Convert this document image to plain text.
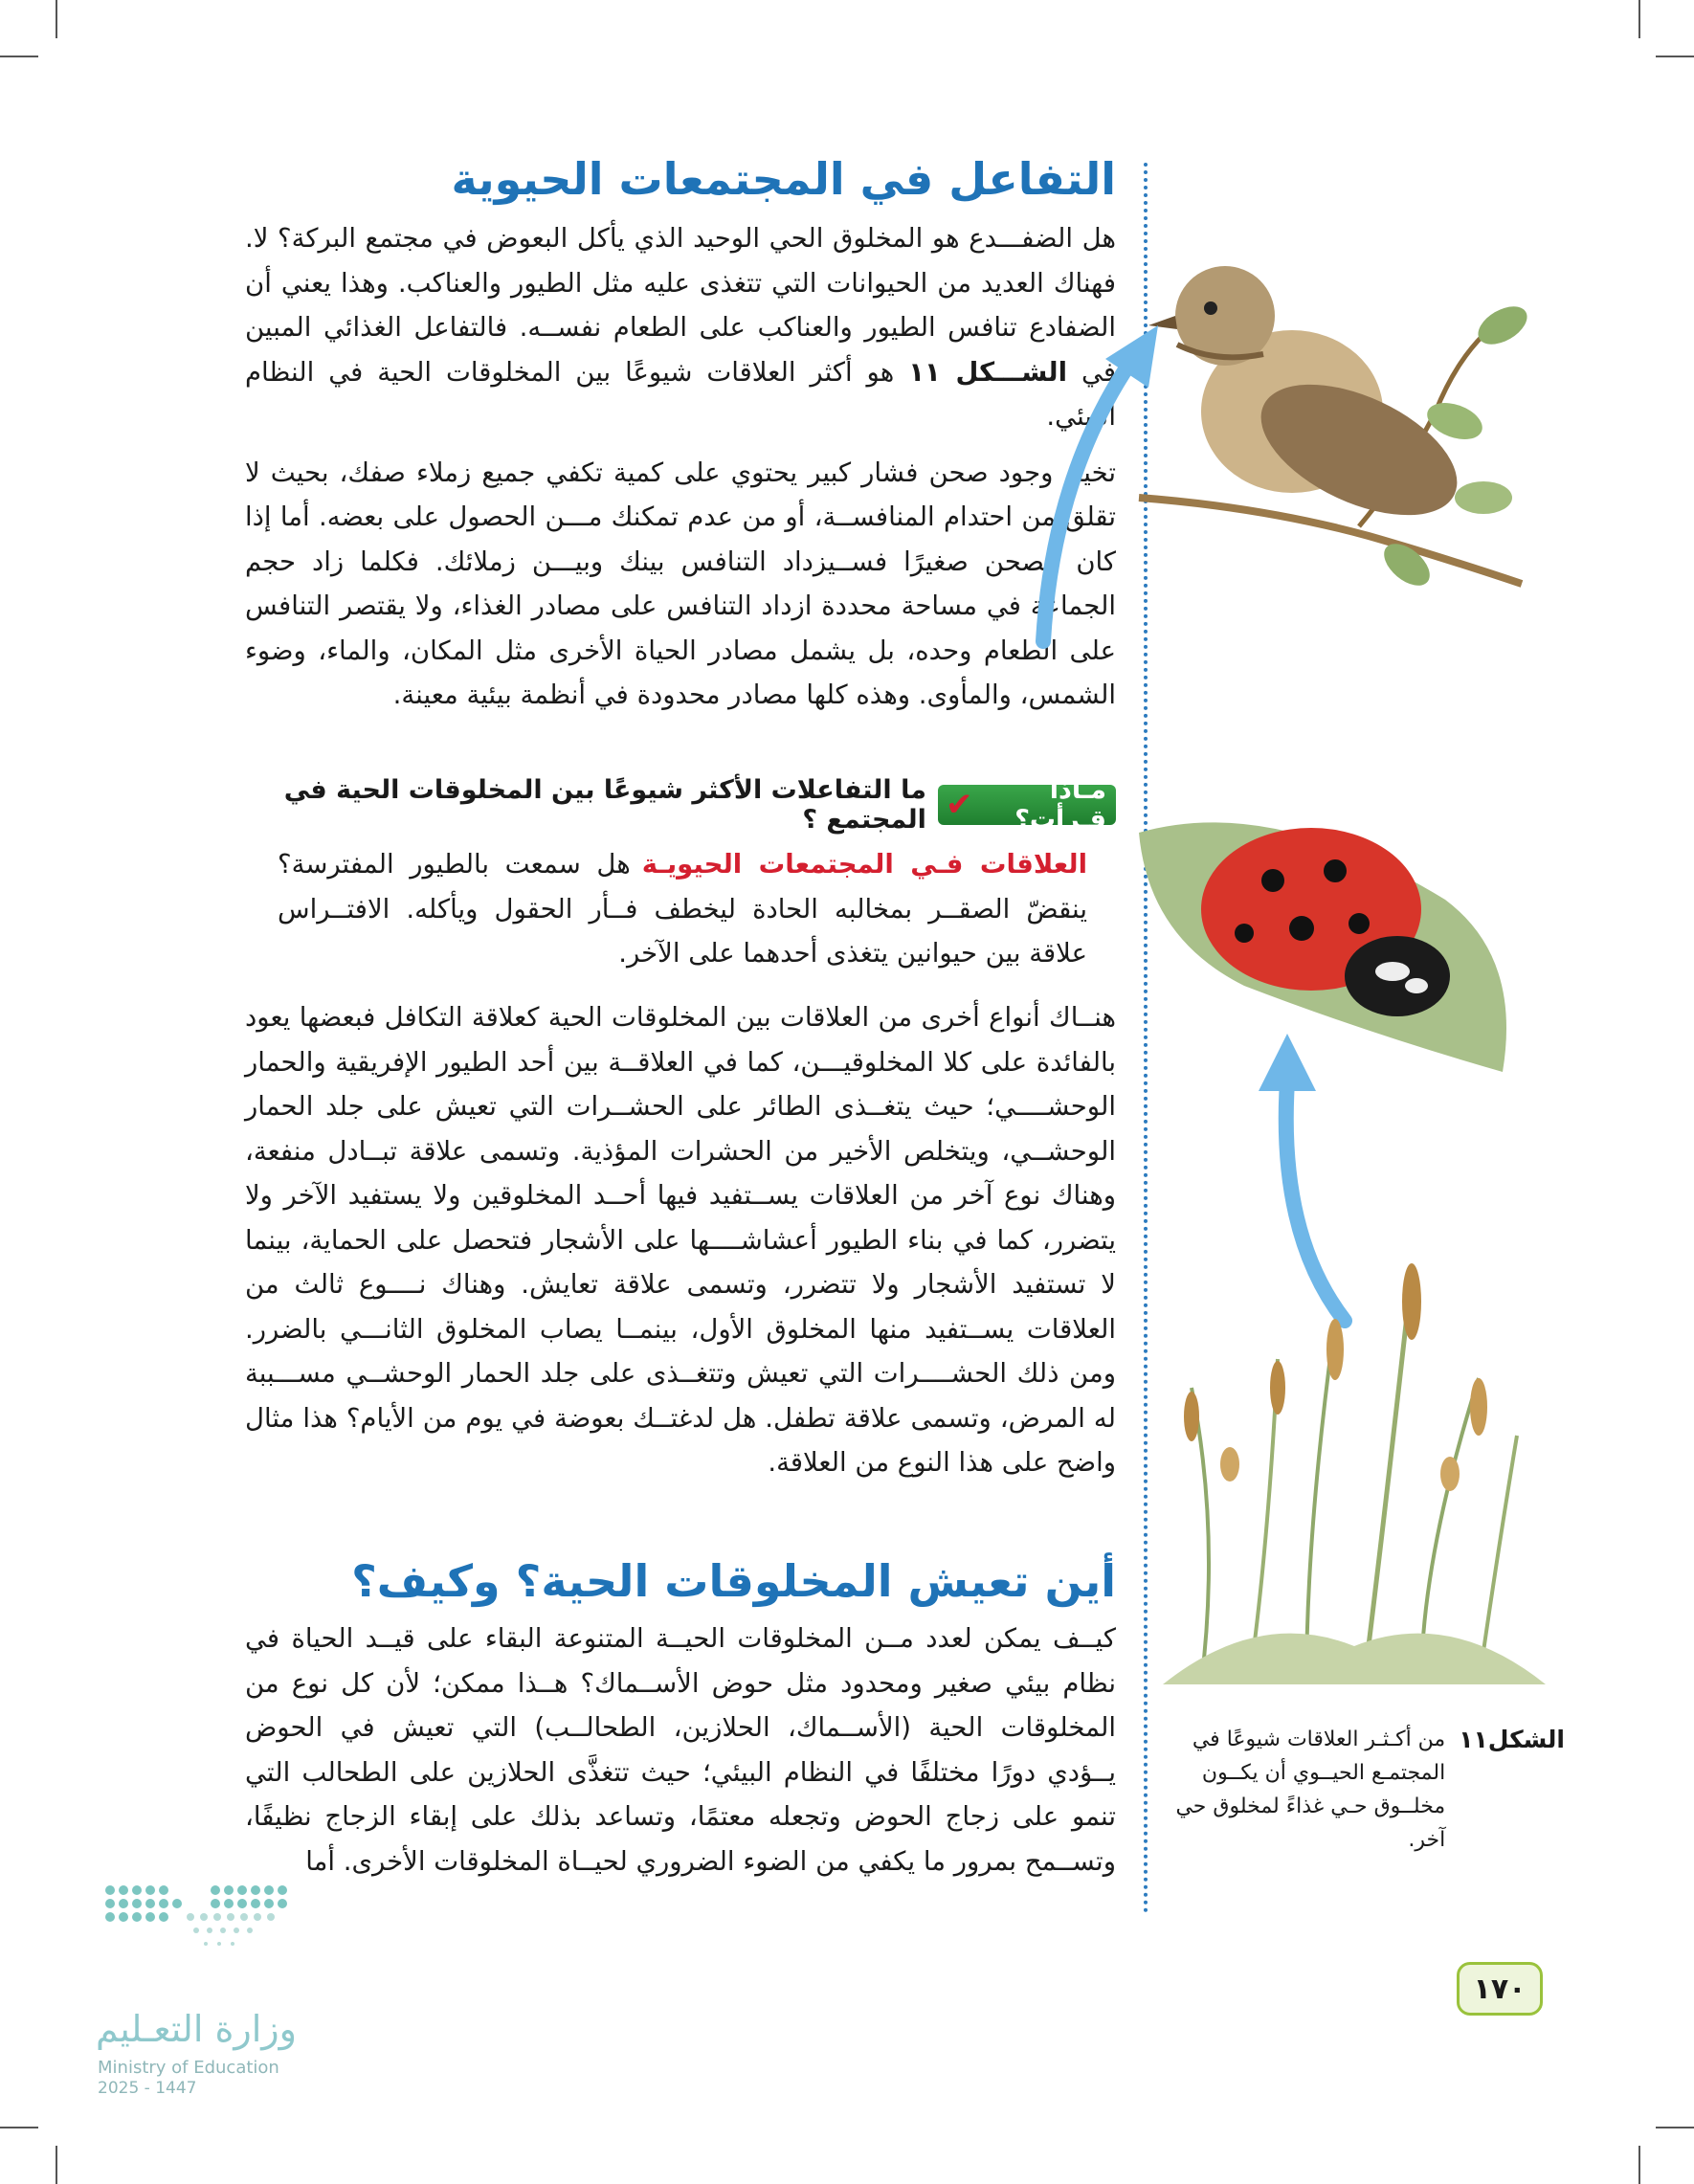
التفاعل في المجتمعات الحيوية

هل الضفـــدع هو المخلوق الحي الوحيد الذي يأكل البعوض في مجتمع البركة؟ لا. فهناك العديد من الحيوانات التي تتغذى عليه مثل الطيور والعناكب. وهذا يعني أن الضفادع تنافس الطيور والعناكب على الطعام نفســه. فالتفاعل الغذائي المبين في الشـــكل ١١ هو أكثر العلاقات شيوعًا بين المخلوقات الحية في النظام البيئي.

تخيل وجود صحن فشار كبير يحتوي على كمية تكفي جميع زملاء صفك، بحيث لا تقلق من احتدام المنافســة، أو من عدم تمكنك مـــن الحصول على بعضه. أما إذا كان الصحن صغيرًا فســيزداد التنافس بينك وبيـــن زملائك. فكلما زاد حجم الجماعة في مساحة محددة ازداد التنافس على مصادر الغذاء، ولا يقتصر التنافس على الطعام وحده، بل يشمل مصادر الحياة الأخرى مثل المكان، والماء، وضوء الشمس، والمأوى. وهذه كلها مصادر محدودة في أنظمة بيئية معينة.

مـاذا قـرأت؟
✔
ما التفاعلات الأكثر شيوعًا بين المخلوقات الحية في المجتمع ؟
العلاقات فـي المجتمعات الحيويـةهل سمعت بالطيور المفترسة؟ ينقضّ الصقــر بمخالبه الحادة ليخطف فــأر الحقول ويأكله. الافتــراس علاقة بين حيوانين يتغذى أحدهما على الآخر.

هنــاك أنواع أخرى من العلاقات بين المخلوقات الحية كعلاقة التكافل فبعضها يعود بالفائدة على كلا المخلوقيـــن، كما في العلاقــة بين أحد الطيور الإفريقية والحمار الوحشــــي؛ حيث يتغــذى الطائر على الحشــرات التي تعيش على جلد الحمار الوحشــي، ويتخلص الأخير من الحشرات المؤذية. وتسمى علاقة تبــادل منفعة، وهناك نوع آخر من العلاقات يســتفيد فيها أحــد المخلوقين ولا يستفيد الآخر ولا يتضرر، كما في بناء الطيور أعشاشــــها على الأشجار فتحصل على الحماية، بينما لا تستفيد الأشجار ولا تتضرر، وتسمى علاقة تعايش. وهناك نــــوع ثالث من العلاقات يســتفيد منها المخلوق الأول، بينمــا يصاب المخلوق الثانـــي بالضرر. ومن ذلك الحشــــرات التي تعيش وتتغــذى على جلد الحمار الوحشــي مســـببة له المرض، وتسمى علاقة تطفل. هل لدغتــك بعوضة في يوم من الأيام؟ هذا مثال واضح على هذا النوع من العلاقة.

أين تعيش المخلوقات الحية؟ وكيف؟

كيــف يمكن لعدد مــن المخلوقات الحيــة المتنوعة البقاء على قيــد الحياة في نظام بيئي صغير ومحدود مثل حوض الأســماك؟ هــذا ممكن؛ لأن كل نوع من المخلوقات الحية (الأســماك، الحلازين، الطحالــب) التي تعيش في الحوض يــؤدي دورًا مختلفًا في النظام البيئي؛ حيث تتغذَّى الحلازين على الطحالب التي تنمو على زجاج الحوض وتجعله معتمًا، وتساعد بذلك على إبقاء الزجاج نظيفًا، وتســمح بمرور ما يكفي من الضوء الضروري لحيــاة المخلوقات الأخرى. أما

الشكل١١
من أكـثـر العلاقات شيوعًا في المجتمـع الحيــوي أن يكــون مخلــوق حـي غذاءً لمخلوق حي آخر.
١٧٠
وزارة التعـليم
Ministry of Education
2025 - 1447
